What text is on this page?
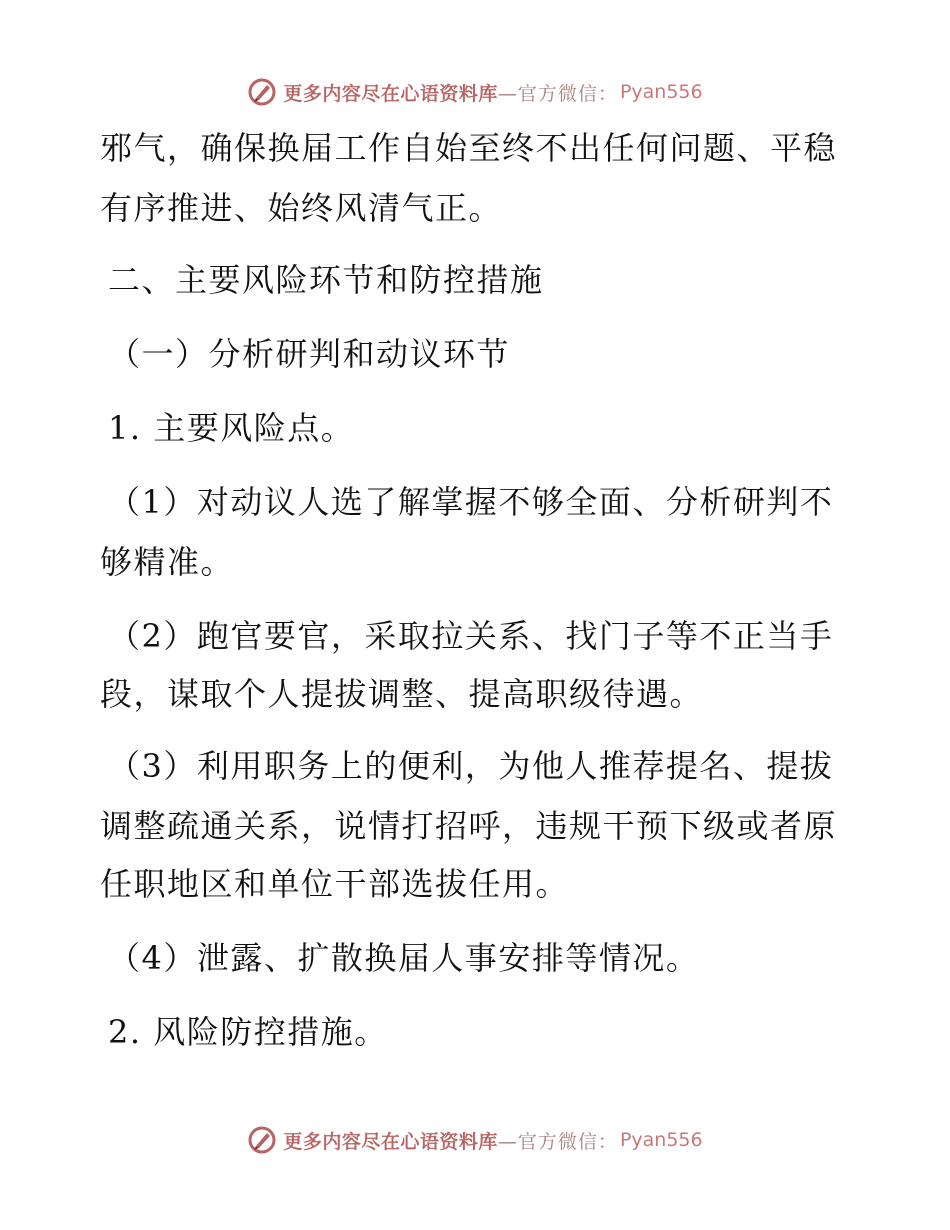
更多内容尽在心语资料库 —官方微信： Pyan556
邪气，确保换届工作自始至终不出任何问题、平稳
有序推进、始终风清气正。
二、主要风险环节和防控措施
（一）分析研判和动议环节
1. 主要风险点。
（1）对动议人选了解掌握不够全面、分析研判不
够精准。
（2）跑官要官，采取拉关系、找门子等不正当手
段，谋取个人提拔调整、提高职级待遇。
（3）利用职务上的便利，为他人推荐提名、提拔
调整疏通关系，说情打招呼，违规干预下级或者原
任职地区和单位干部选拔任用。
（4）泄露、扩散换届人事安排等情况。
2. 风险防控措施。
更多内容尽在心语资料库 —官方微信： Pyan556
